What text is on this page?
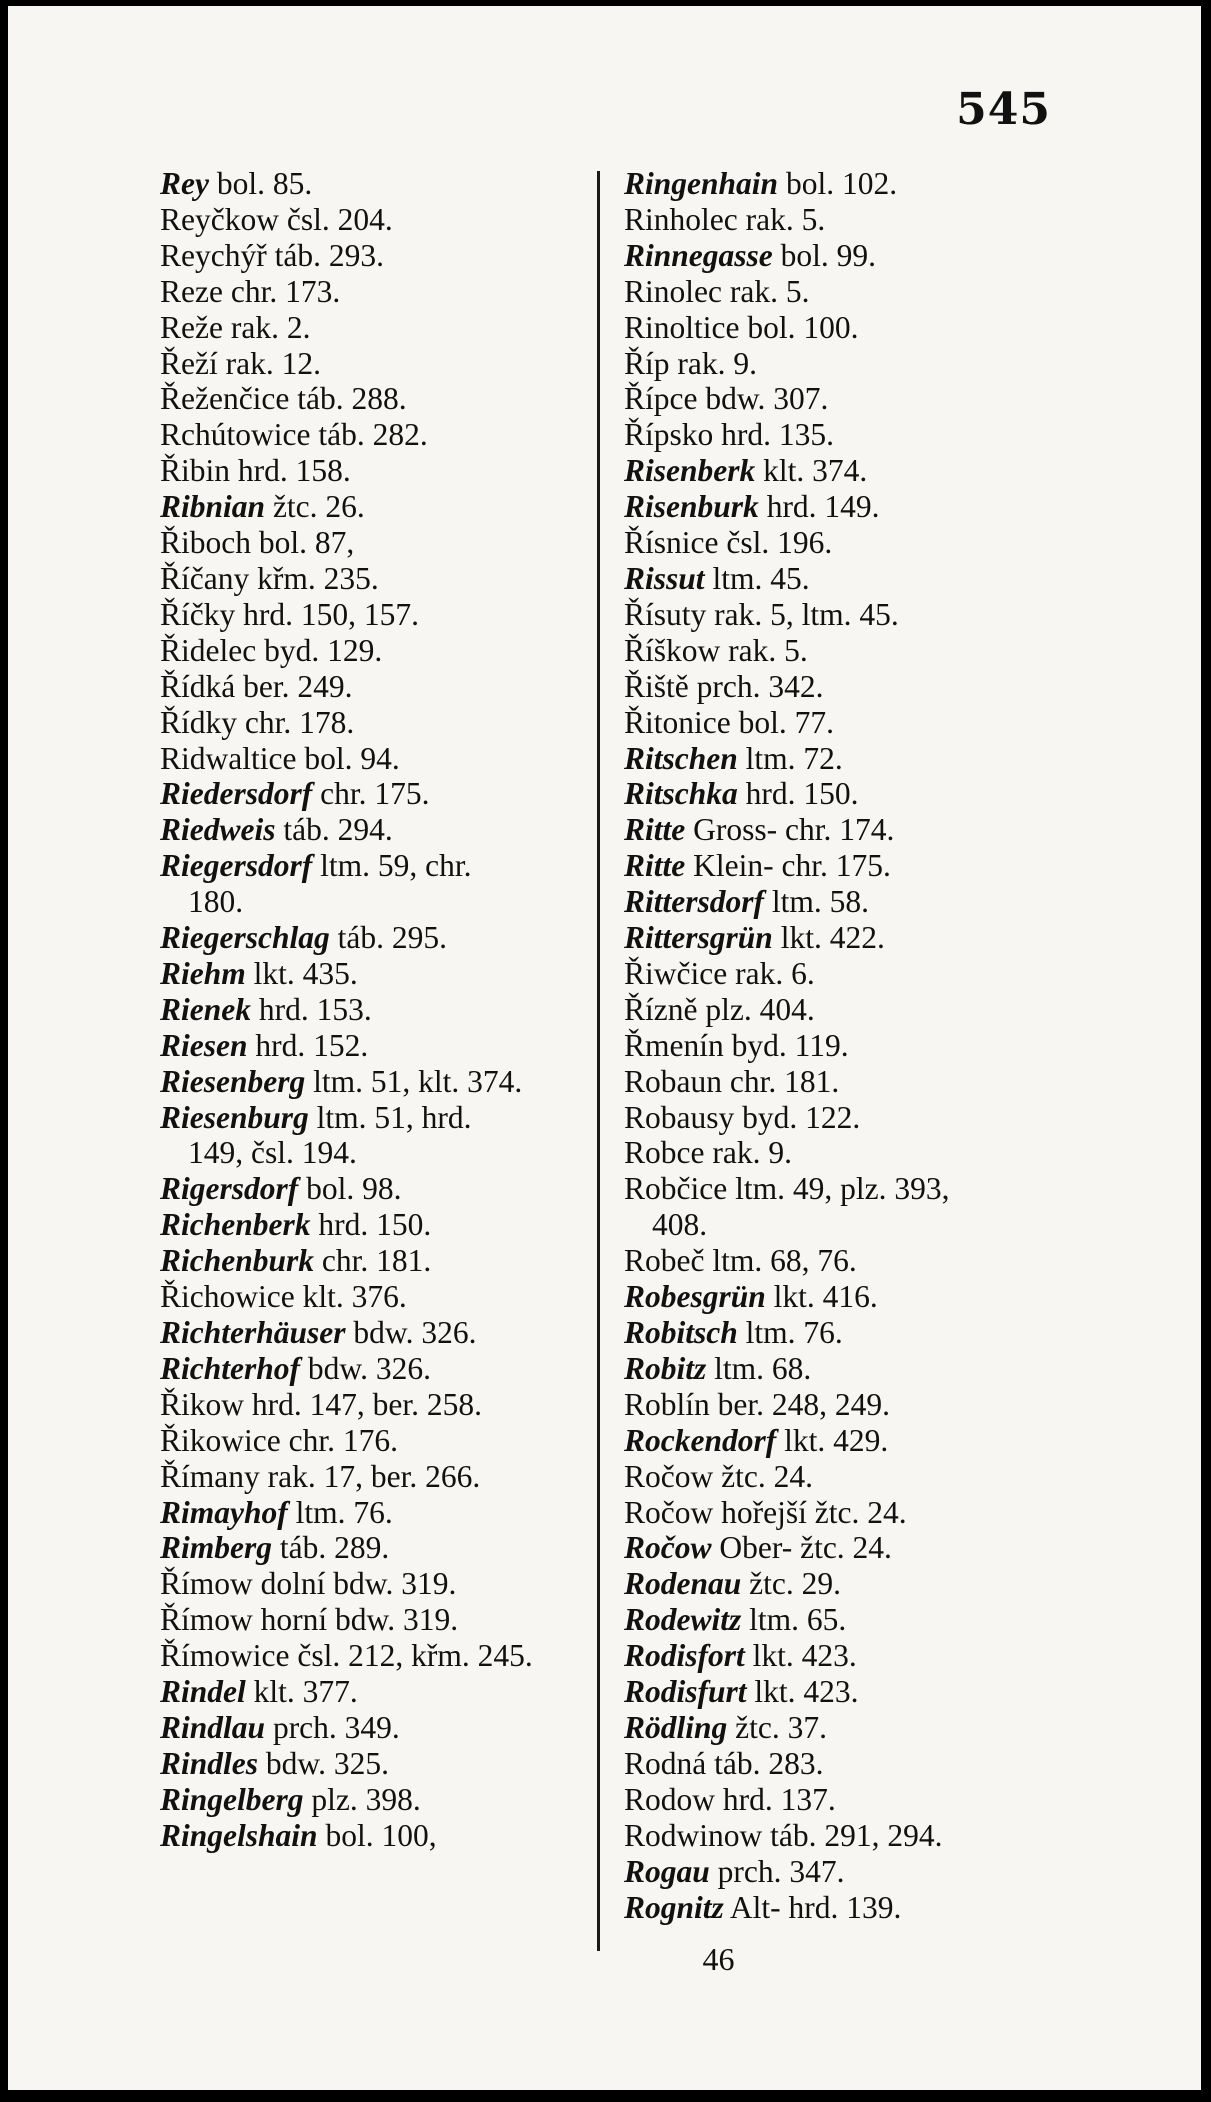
545
Rey bol. 85.
Reyčkow čsl. 204.
Reychýř táb. 293.
Reze chr. 173.
Reže rak. 2.
Řeží rak. 12.
Řeženčice táb. 288.
Rchútowice táb. 282.
Řibin hrd. 158.
Ribnian žtc. 26.
Řiboch bol. 87,
Říčany křm. 235.
Říčky hrd. 150, 157.
Řidelec byd. 129.
Řídká ber. 249.
Řídky chr. 178.
Ridwaltice bol. 94.
Riedersdorf chr. 175.
Riedweis táb. 294.
Riegersdorf ltm. 59, chr.
180.
Riegerschlag táb. 295.
Riehm lkt. 435.
Rienek hrd. 153.
Riesen hrd. 152.
Riesenberg ltm. 51, klt. 374.
Riesenburg ltm. 51, hrd.
149, čsl. 194.
Rigersdorf bol. 98.
Richenberk hrd. 150.
Richenburk chr. 181.
Řichowice klt. 376.
Richterhäuser bdw. 326.
Richterhof bdw. 326.
Řikow hrd. 147, ber. 258.
Řikowice chr. 176.
Římany rak. 17, ber. 266.
Rimayhof ltm. 76.
Rimberg táb. 289.
Římow dolní bdw. 319.
Římow horní bdw. 319.
Římowice čsl. 212, křm. 245.
Rindel klt. 377.
Rindlau prch. 349.
Rindles bdw. 325.
Ringelberg plz. 398.
Ringelshain bol. 100,
Ringenhain bol. 102.
Rinholec rak. 5.
Rinnegasse bol. 99.
Rinolec rak. 5.
Rinoltice bol. 100.
Říp rak. 9.
Řípce bdw. 307.
Řípsko hrd. 135.
Risenberk klt. 374.
Risenburk hrd. 149.
Řísnice čsl. 196.
Rissut ltm. 45.
Řísuty rak. 5, ltm. 45.
Říškow rak. 5.
Řiště prch. 342.
Řitonice bol. 77.
Ritschen ltm. 72.
Ritschka hrd. 150.
Ritte Gross- chr. 174.
Ritte Klein- chr. 175.
Rittersdorf ltm. 58.
Rittersgrün lkt. 422.
Řiwčice rak. 6.
Řízně plz. 404.
Řmenín byd. 119.
Robaun chr. 181.
Robausy byd. 122.
Robce rak. 9.
Robčice ltm. 49, plz. 393,
408.
Robeč ltm. 68, 76.
Robesgrün lkt. 416.
Robitsch ltm. 76.
Robitz ltm. 68.
Roblín ber. 248, 249.
Rockendorf lkt. 429.
Ročow žtc. 24.
Ročow hořejší žtc. 24.
Ročow Ober- žtc. 24.
Rodenau žtc. 29.
Rodewitz ltm. 65.
Rodisfort lkt. 423.
Rodisfurt lkt. 423.
Rödling žtc. 37.
Rodná táb. 283.
Rodow hrd. 137.
Rodwinow táb. 291, 294.
Rogau prch. 347.
Rognitz Alt- hrd. 139.
46
